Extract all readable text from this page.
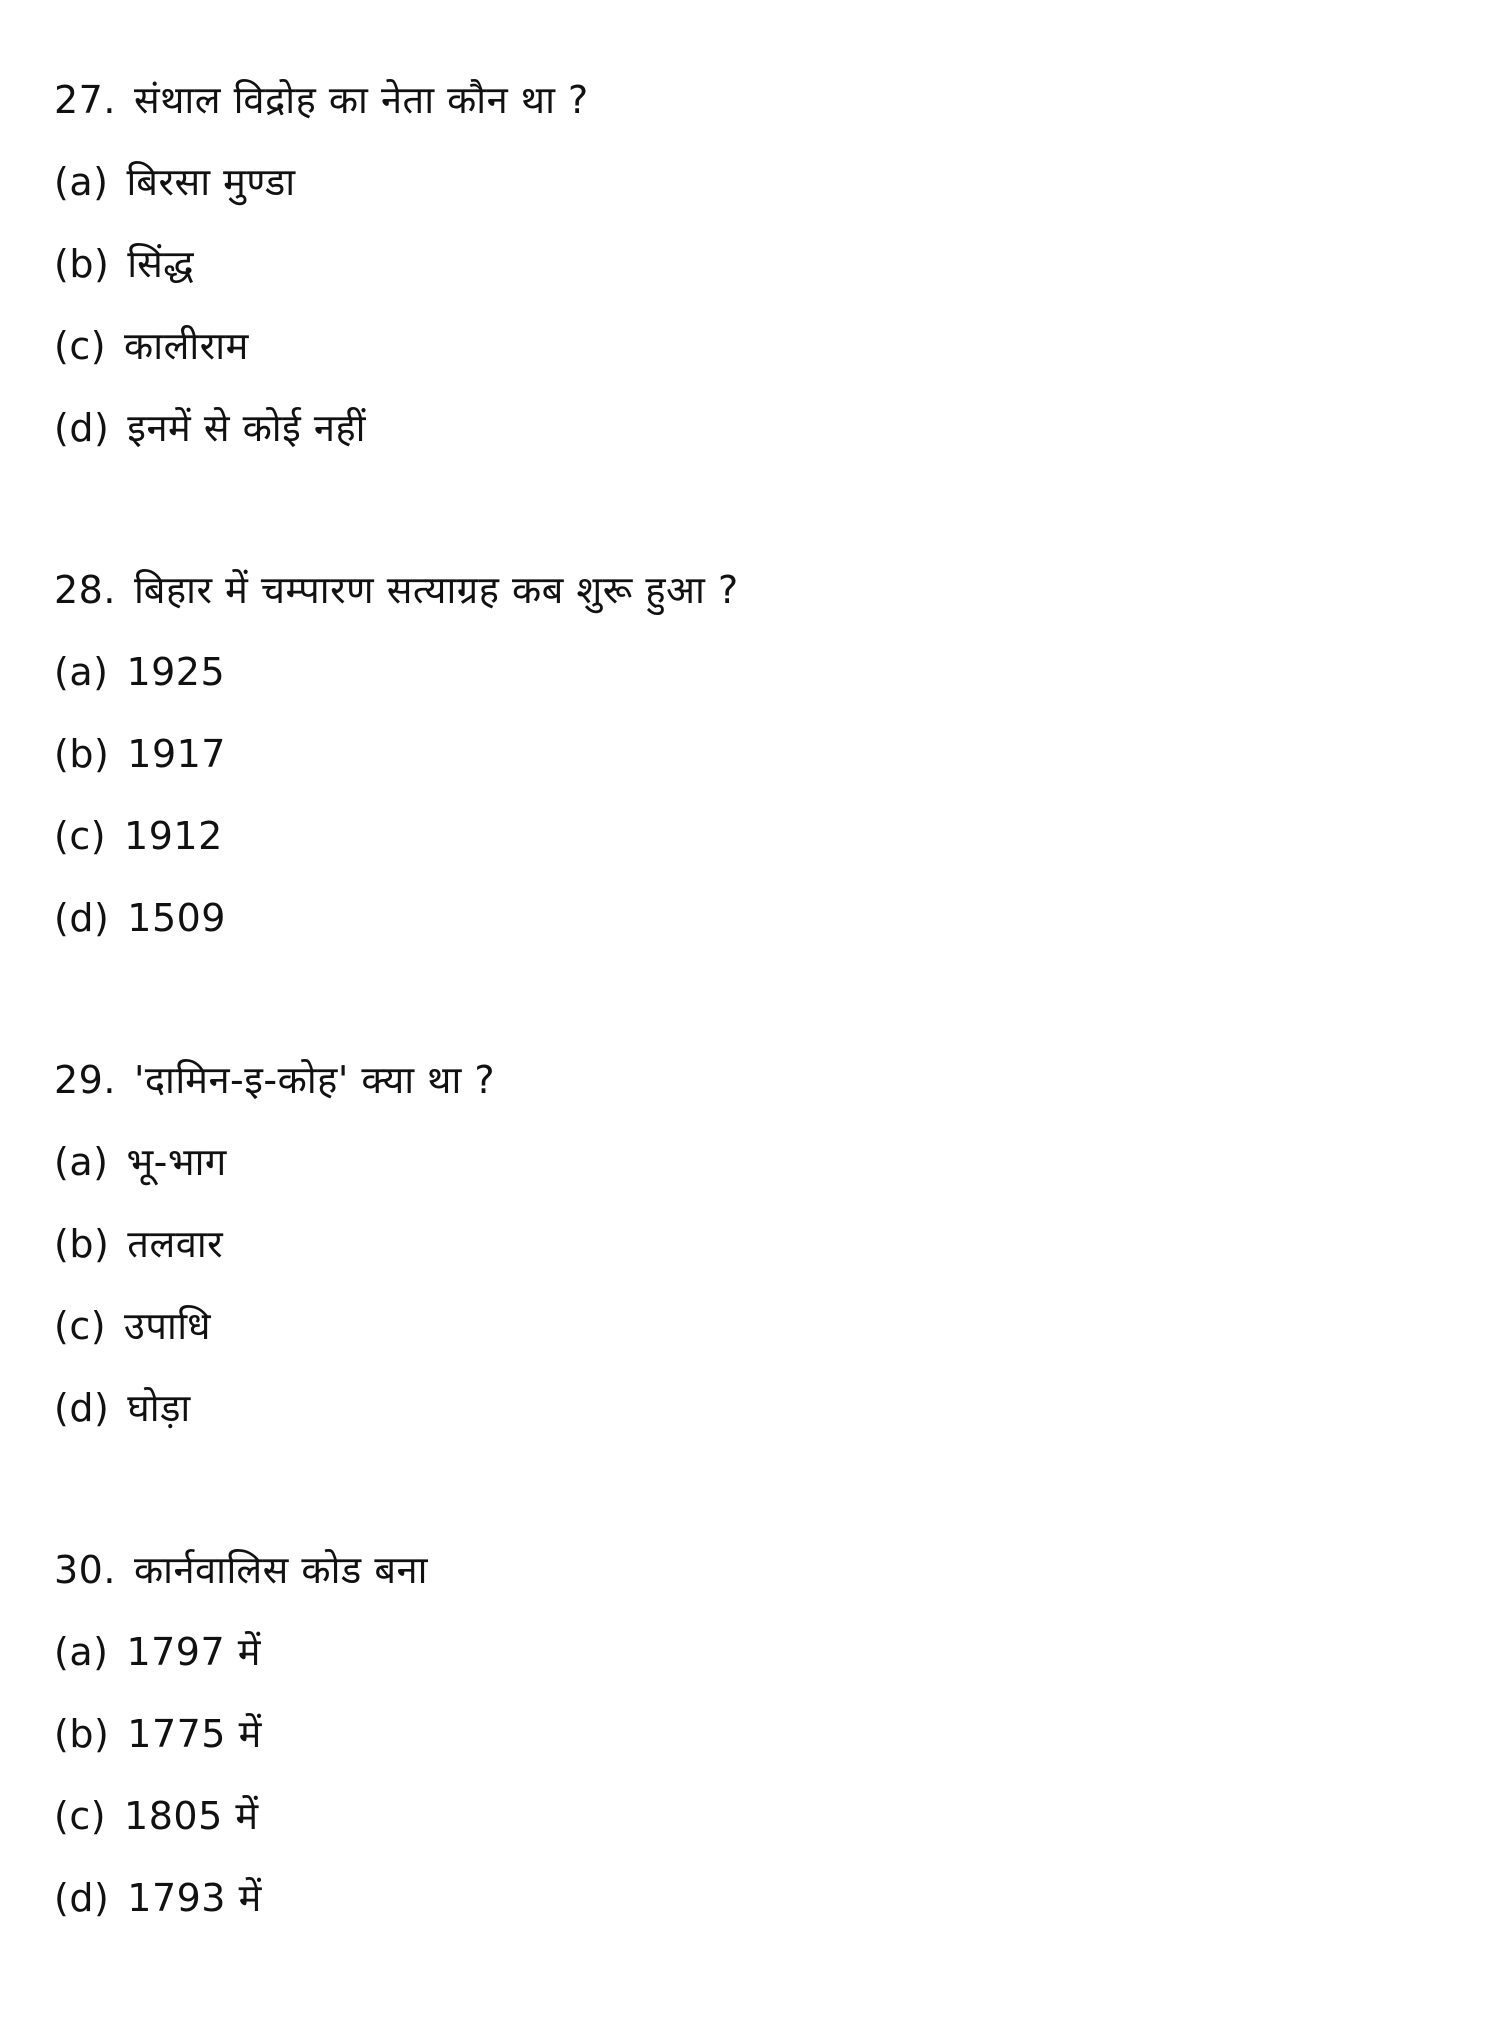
27. संथाल विद्रोह का नेता कौन था ?
(a) बिरसा मुण्डा
(b) सिंद्ध
(c) कालीराम
(d) इनमें से कोई नहीं
28. बिहार में चम्पारण सत्याग्रह कब शुरू हुआ ?
(a) 1925
(b) 1917
(c) 1912
(d) 1509
29. 'दामिन-इ-कोह' क्या था ?
(a) भू-भाग
(b) तलवार
(c) उपाधि
(d) घोड़ा
30. कार्नवालिस कोड बना
(a) 1797 में
(b) 1775 में
(c) 1805 में
(d) 1793 में
